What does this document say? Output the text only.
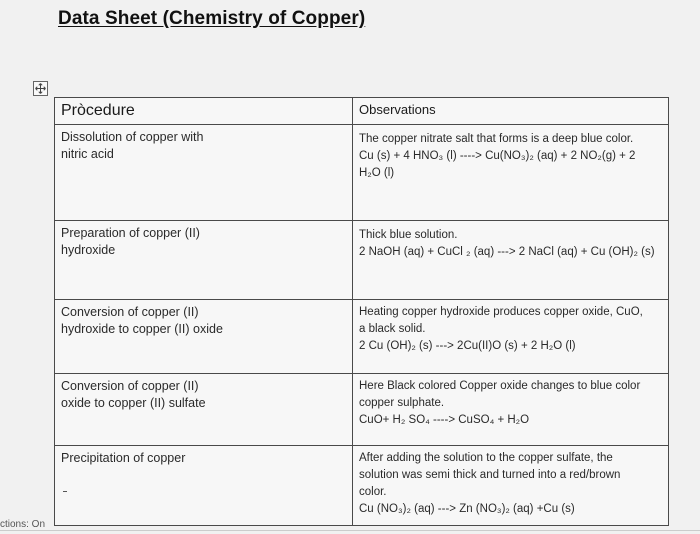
Data Sheet (Chemistry of Copper)
Pròcedure	Observations

Dissolution of copper with
nitric acid	The copper nitrate salt that forms is a deep blue color.
Cu (s) + 4 HNO₃ (l) ----> Cu(NO₃)₂ (aq) + 2 NO₂(g) + 2
H₂O (l)

Preparation of copper (II)
hydroxide	Thick blue solution.
2 NaOH (aq) + CuCl ₂ (aq) ---> 2 NaCl (aq) + Cu (OH)₂ (s)

Conversion of copper (II)
hydroxide to copper (II) oxide	Heating copper hydroxide produces copper oxide, CuO,
a black solid.
2 Cu (OH)₂ (s) ---> 2Cu(II)O (s) + 2 H₂O (l)

Conversion of copper (II)
oxide to copper (II) sulfate	Here Black colored Copper oxide changes to blue color
copper sulphate.
CuO+ H₂ SO₄ ----> CuSO₄ + H₂O

Precipitation of copper	After adding the solution to the copper sulfate, the
solution was semi thick and turned into a red/brown
color.
Cu (NO₃)₂ (aq) ---> Zn (NO₃)₂ (aq) +Cu (s)
ctions: On
